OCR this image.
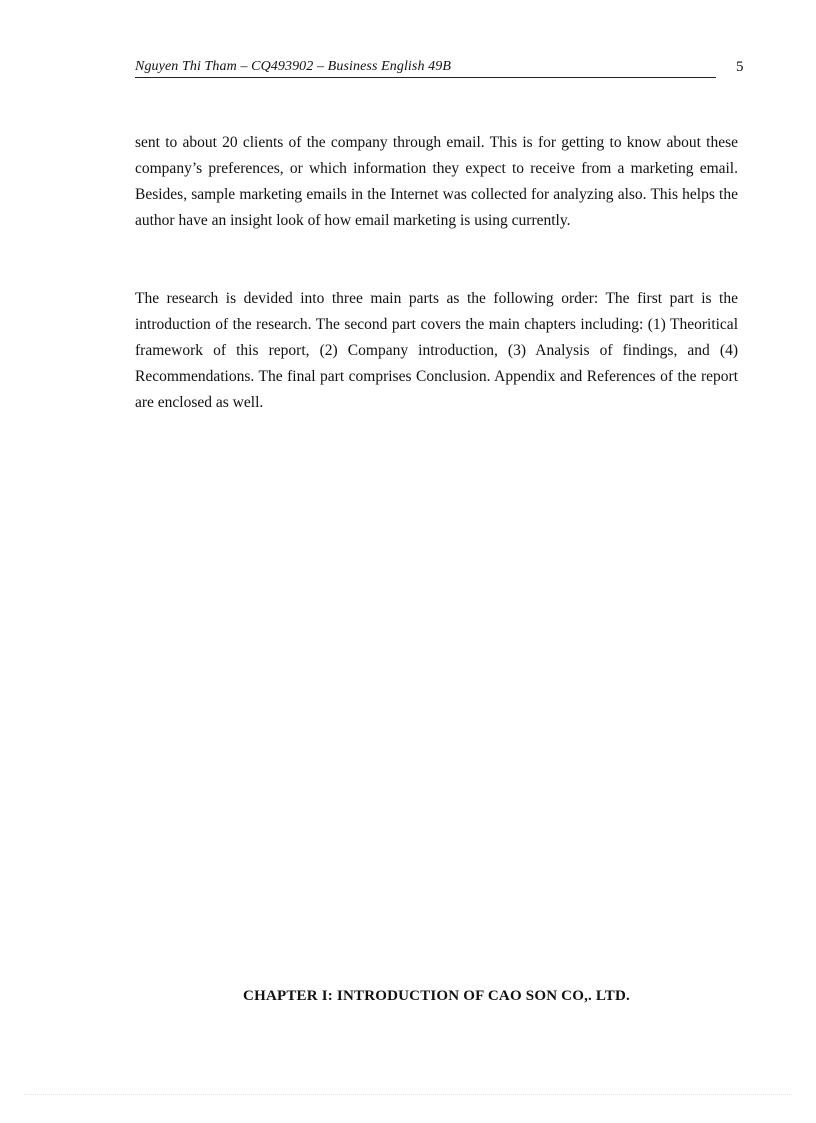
Nguyen Thi Tham – CQ493902 – Business English 49B	5

sent to about 20 clients of the company through email. This is for getting to know about these company’s preferences, or which information they expect to receive from a marketing email. Besides, sample marketing emails in the Internet was collected for analyzing also. This helps the author have an insight look of how email marketing is using currently.

The research is devided into three main parts as the following order: The first part is the introduction of the research. The second part covers the main chapters including: (1) Theoritical framework of this report, (2) Company introduction, (3) Analysis of findings, and (4) Recommendations. The final part comprises Conclusion. Appendix and References of the report are enclosed as well.

CHAPTER I: INTRODUCTION OF CAO SON CO,. LTD.
